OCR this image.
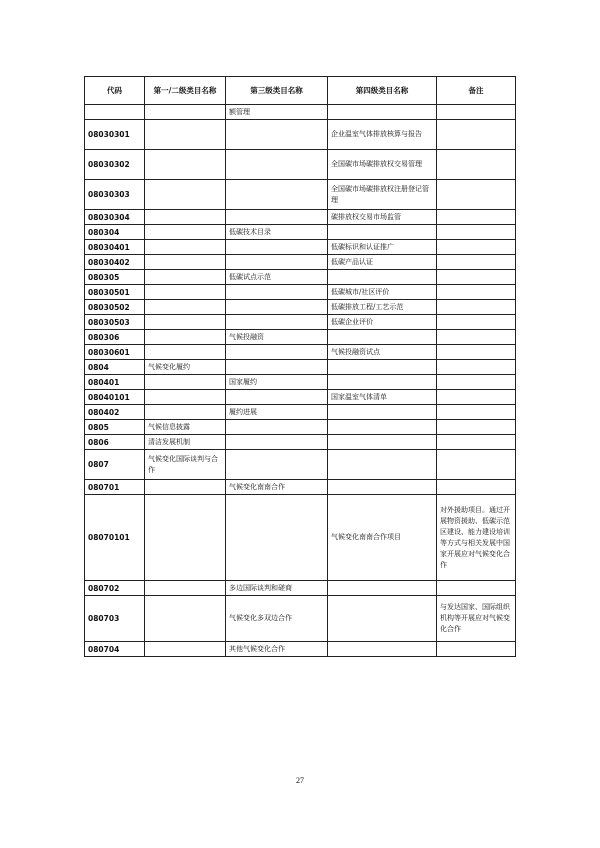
代码	第一/二级类目名称	第三级类目名称	第四级类目名称	备注
		额管理		
08030301			企业温室气体排放核算与报告	
08030302			全国碳市场碳排放权交易管理	
08030303			全国碳市场碳排放权注册登记管理	
08030304			碳排放权交易市场监管	
080304		低碳技术目录		
08030401			低碳标识和认证推广	
08030402			低碳产品认证	
080305		低碳试点示范		
08030501			低碳城市/社区评价	
08030502			低碳排放工程/工艺示范	
08030503			低碳企业评价	
080306		气候投融资		
08030601			气候投融资试点	
0804	气候变化履约			
080401		国家履约		
08040101			国家温室气体清单	
080402		履约进展		
0805	气候信息披露			
0806	清洁发展机制			
0807	气候变化国际谈判与合作			
080701		气候变化南南合作		
08070101			气候变化南南合作项目	对外援助项目。通过开展物资援助、低碳示范区建设、能力建设培训等方式与相关发展中国家开展应对气候变化合作
080702		多边国际谈判和磋商		
080703		气候变化多双边合作		与发达国家、国际组织机构等开展应对气候变化合作
080704		其他气候变化合作		
27
